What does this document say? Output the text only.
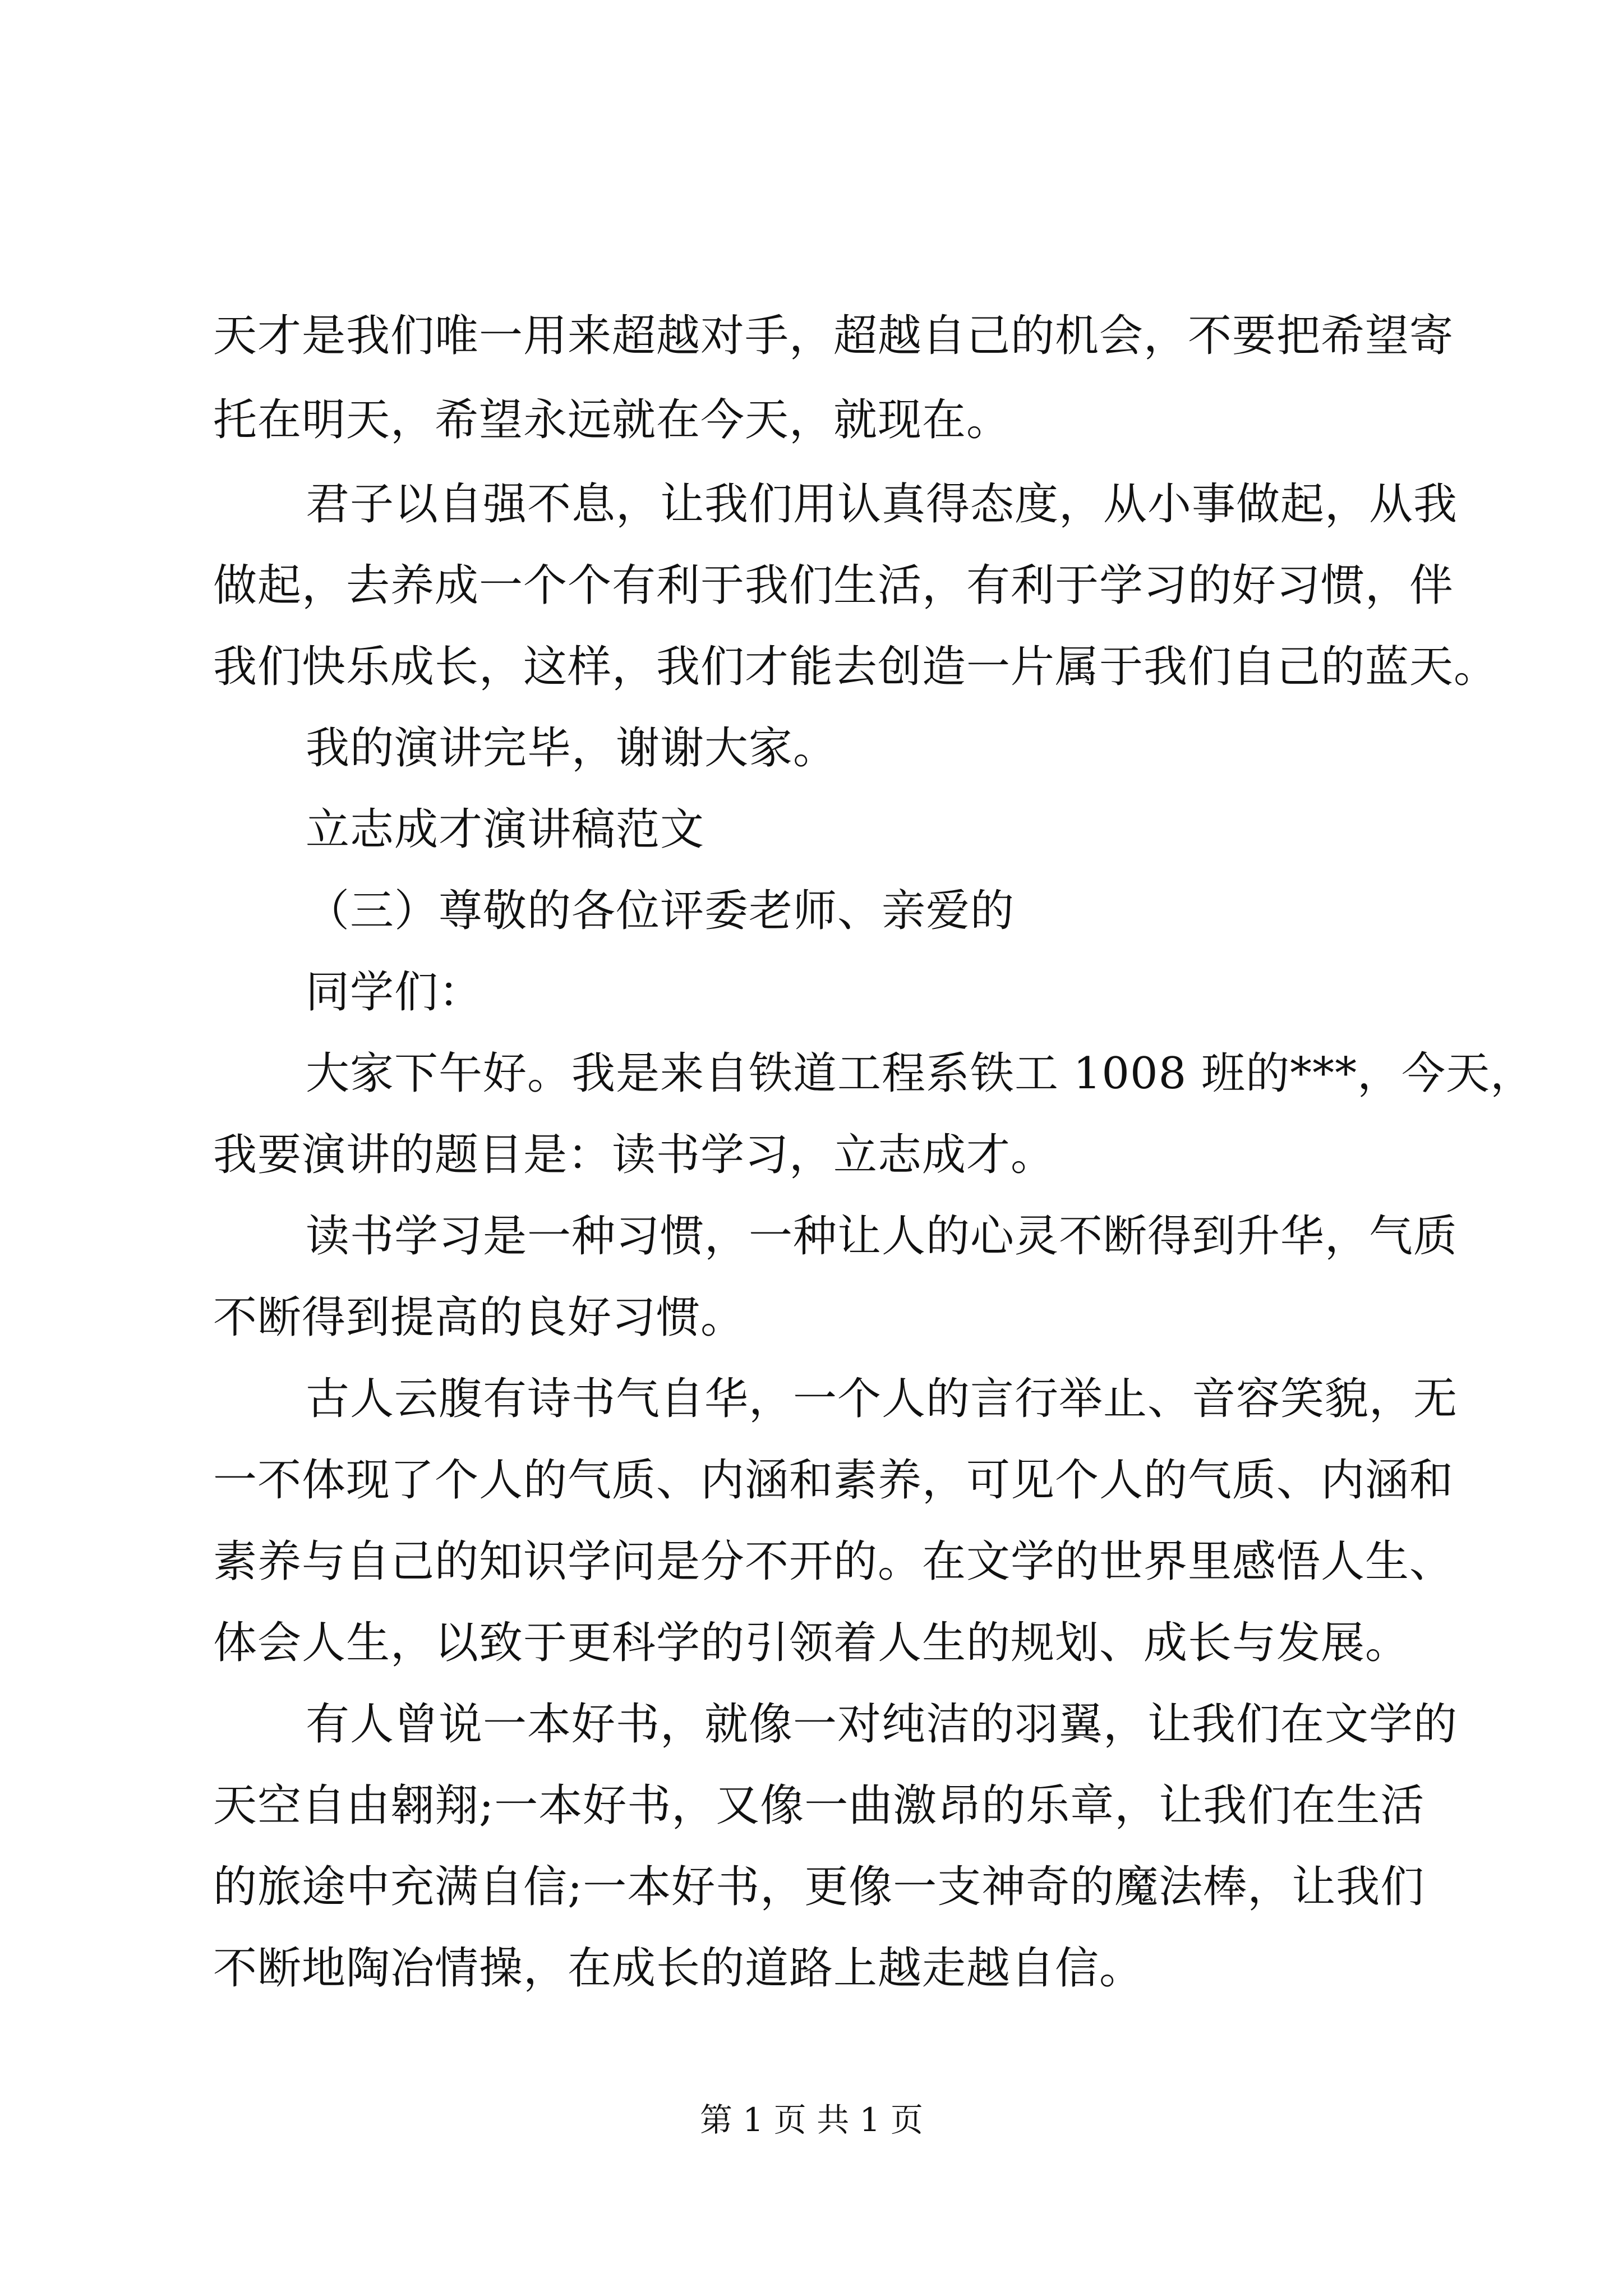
天才是我们唯一用来超越对手，超越自己的机会，不要把希望寄
托在明天，希望永远就在今天，就现在。
君子以自强不息，让我们用认真得态度，从小事做起，从我
做起，去养成一个个有利于我们生活，有利于学习的好习惯，伴
我们快乐成长，这样，我们才能去创造一片属于我们自己的蓝天。
我的演讲完毕，谢谢大家。
立志成才演讲稿范文
（三）尊敬的各位评委老师、亲爱的
同学们：
大家下午好。我是来自铁道工程系铁工 1008 班的***，今天，
我要演讲的题目是：读书学习，立志成才。
读书学习是一种习惯，一种让人的心灵不断得到升华，气质
不断得到提高的良好习惯。
古人云腹有诗书气自华，一个人的言行举止、音容笑貌，无
一不体现了个人的气质、内涵和素养，可见个人的气质、内涵和
素养与自己的知识学问是分不开的。在文学的世界里感悟人生、
体会人生，以致于更科学的引领着人生的规划、成长与发展。
有人曾说一本好书，就像一对纯洁的羽翼，让我们在文学的
天空自由翱翔;一本好书，又像一曲激昂的乐章，让我们在生活
的旅途中充满自信;一本好书，更像一支神奇的魔法棒，让我们
不断地陶冶情操，在成长的道路上越走越自信。
第 1 页 共 1 页
